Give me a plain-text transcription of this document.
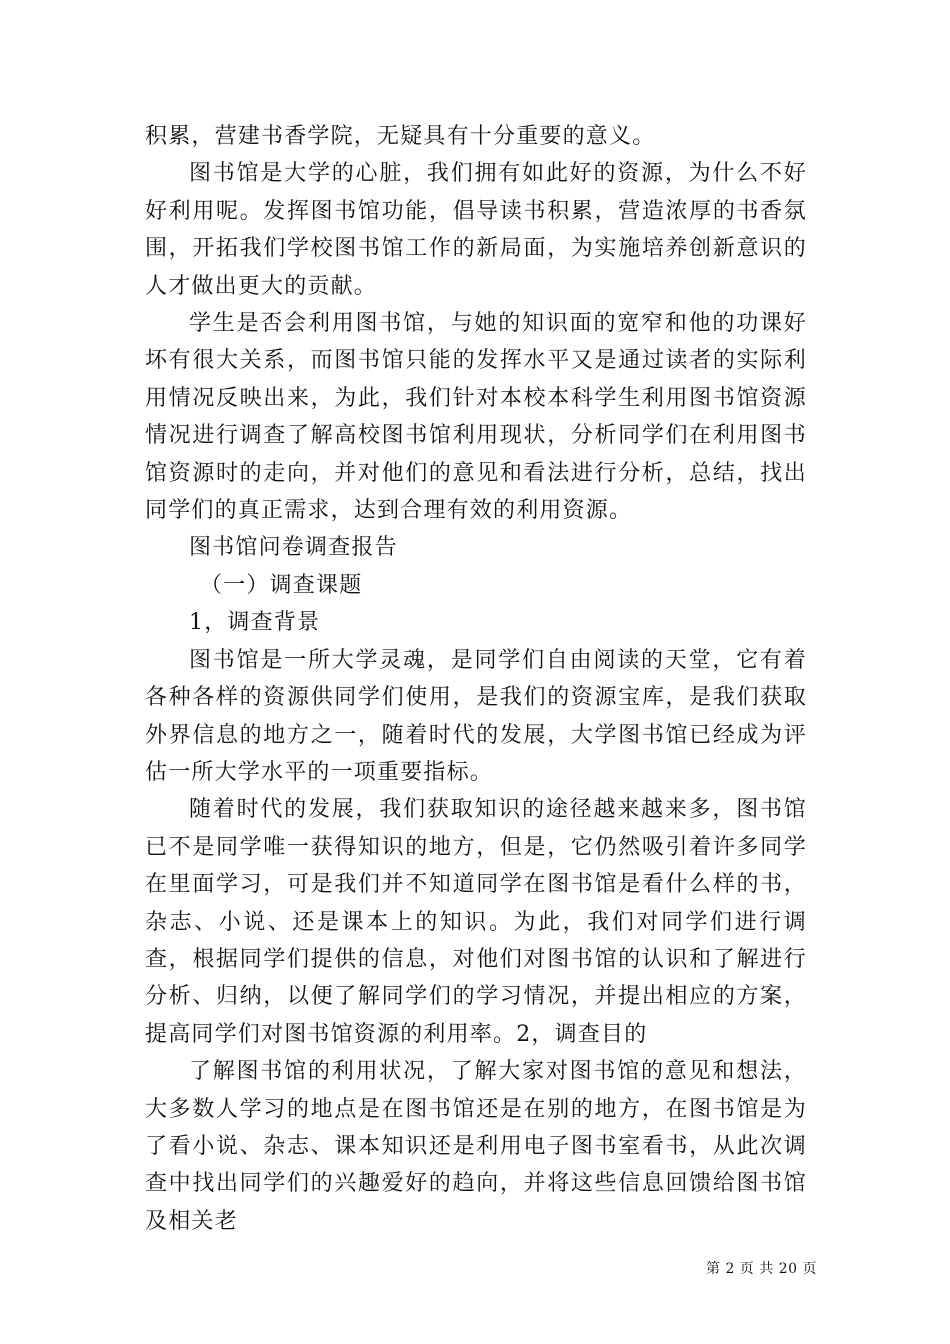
积累，营建书香学院，无疑具有十分重要的意义。

图书馆是大学的心脏，我们拥有如此好的资源，为什么不好好利用呢。发挥图书馆功能，倡导读书积累，营造浓厚的书香氛围，开拓我们学校图书馆工作的新局面，为实施培养创新意识的人才做出更大的贡献。

学生是否会利用图书馆，与她的知识面的宽窄和他的功课好坏有很大关系，而图书馆只能的发挥水平又是通过读者的实际利用情况反映出来，为此，我们针对本校本科学生利用图书馆资源情况进行调查了解高校图书馆利用现状，分析同学们在利用图书馆资源时的走向，并对他们的意见和看法进行分析，总结，找出同学们的真正需求，达到合理有效的利用资源。

图书馆问卷调查报告

（一）调查课题

1，调查背景

图书馆是一所大学灵魂，是同学们自由阅读的天堂，它有着各种各样的资源供同学们使用，是我们的资源宝库，是我们获取外界信息的地方之一，随着时代的发展，大学图书馆已经成为评估一所大学水平的一项重要指标。

随着时代的发展，我们获取知识的途径越来越来多，图书馆已不是同学唯一获得知识的地方，但是，它仍然吸引着许多同学在里面学习，可是我们并不知道同学在图书馆是看什么样的书，杂志、小说、还是课本上的知识。为此，我们对同学们进行调查，根据同学们提供的信息，对他们对图书馆的认识和了解进行分析、归纳，以便了解同学们的学习情况，并提出相应的方案，提高同学们对图书馆资源的利用率。2，调查目的

了解图书馆的利用状况，了解大家对图书馆的意见和想法，大多数人学习的地点是在图书馆还是在别的地方，在图书馆是为了看小说、杂志、课本知识还是利用电子图书室看书，从此次调查中找出同学们的兴趣爱好的趋向，并将这些信息回馈给图书馆及相关老

第 2 页 共 20 页
